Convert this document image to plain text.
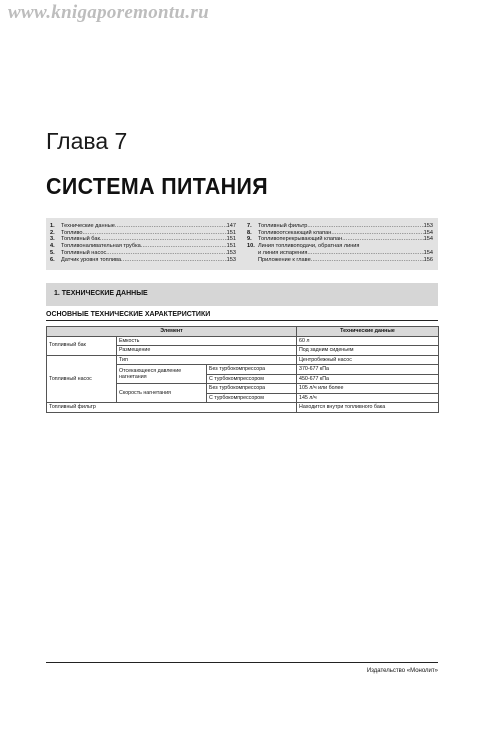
www.knigaporemontu.ru
Глава 7
СИСТЕМА ПИТАНИЯ
1.	Технические данные .....	147
2.	Топливо .....	151
3.	Топливный бак .....	151
4.	Топливоналивательная трубка .....	151
5.	Топливный насос .....	153
6.	Датчик уровня топлива .....	153
7.	Топливный фильтр .....	153
8.	Топливоотсекающий клапан .....	154
9.	Топливоперекрывающий клапан .....	154
10. Линия топливоподачи, обратная линия
и линия испарения .....	154
Приложение к главе .....	156
1. ТЕХНИЧЕСКИЕ ДАННЫЕ
ОСНОВНЫЕ ТЕХНИЧЕСКИЕ ХАРАКТЕРИСТИКИ
Элемент			Технические данные
Топливный бак	Емкость		60 л
	Размещение		Под задним сиденьем
Топливный насос	Тип		Центробежный насос
	Отсекающееся давление нагнетания	Без турбокомпрессора	370-677 кПа
		С турбокомпрессором	450-677 кПа
	Скорость нагнетания	Без турбокомпрессора	105 л/ч или более
		С турбокомпрессором	145 л/ч
Топливный фильтр			Находится внутри топливного бака
Издательство «Монолит»
